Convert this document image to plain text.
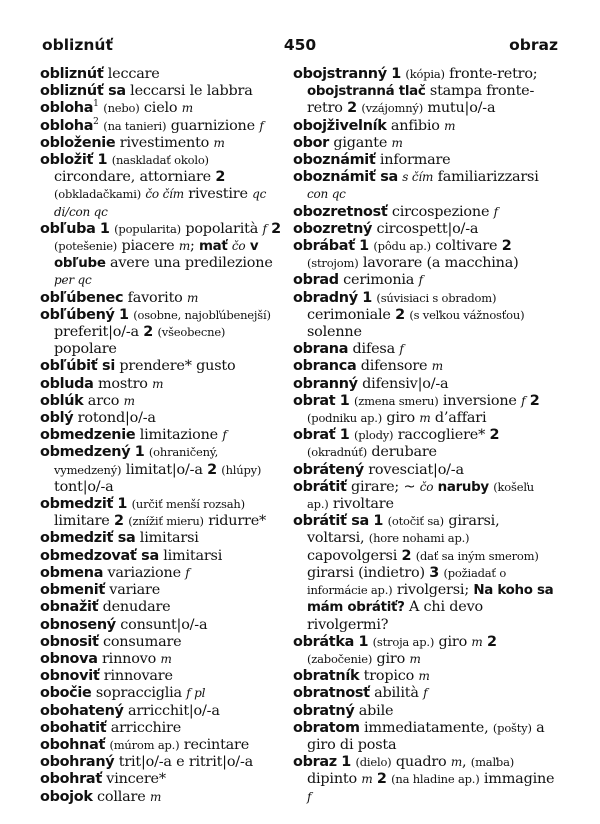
obliznúť	450	obraz
obliznúť leccare
obliznúť sa leccarsi le labbra
obloha$^1$ (nebo) cielo m
obloha$^2$ (na tanieri) guarnizione f
obloženie rivestimento m
obložiť 1 (naskladať okolo) circondare, attorniare 2 (obkladačkami) čo čím rivestire qc di/con qc
obľuba 1 (popularita) popolarità f 2 (potešenie) piacere m; mať čo v obľube avere una predilezione per qc
obľúbenec favorito m
obľúbený 1 (osobne, najobľúbenejší) preferit|o/-a 2 (všeobecne) popolare
obľúbiť si prendere* gusto
obluda mostro m
oblúk arco m
oblý rotond|o/-a
obmedzenie limitazione f
obmedzený 1 (ohraničený, vymedzený) limitat|o/-a 2 (hlúpy) tont|o/-a
obmedziť 1 (určiť menší rozsah) limitare 2 (znížiť mieru) ridurre*
obmedziť sa limitarsi
obmedzovať sa limitarsi
obmena variazione f
obmeniť variare
obnažiť denudare
obnosený consunt|o/-a
obnosiť consumare
obnova rinnovo m
obnoviť rinnovare
obočie sopracciglia f pl
obohatený arricchit|o/-a
obohatiť arricchire
obohnať (múrom ap.) recintare
obohraný trit|o/-a e ritrit|o/-a
obohrať vincere*
obojok collare m
obojstranný 1 (kópia) fronte-retro; obojstranná tlač stampa fronte-retro 2 (vzájomný) mutu|o/-a
obojživelník anfibio m
obor gigante m
oboznámiť informare
oboznámiť sa s čím familiarizzarsi con qc
obozretnosť circospezione f
obozretný circospett|o/-a
obrábať 1 (pôdu ap.) coltivare 2 (strojom) lavorare (a macchina)
obrad cerimonia f
obradný 1 (súvisiaci s obradom) cerimoniale 2 (s veľkou vážnosťou) solenne
obrana difesa f
obranca difensore m
obranný difensiv|o/-a
obrat 1 (zmena smeru) inversione f 2 (podniku ap.) giro m d’affari
obrať 1 (plody) raccogliere* 2 (okradnúť) derubare
obrátený rovesciat|o/-a
obrátiť girare; ~ čo naruby (košeľu ap.) rivoltare
obrátiť sa 1 (otočiť sa) girarsi, voltarsi, (hore nohami ap.) capovolgersi 2 (dať sa iným smerom) girarsi (indietro) 3 (požiadať o informácie ap.) rivolgersi; Na koho sa mám obrátiť? A chi devo rivolgermi?
obrátka 1 (stroja ap.) giro m 2 (zabočenie) giro m
obratník tropico m
obratnosť abilità f
obratný abile
obratom immediatamente, (pošty) a giro di posta
obraz 1 (dielo) quadro m, (maľba) dipinto m 2 (na hladine ap.) immagine f
